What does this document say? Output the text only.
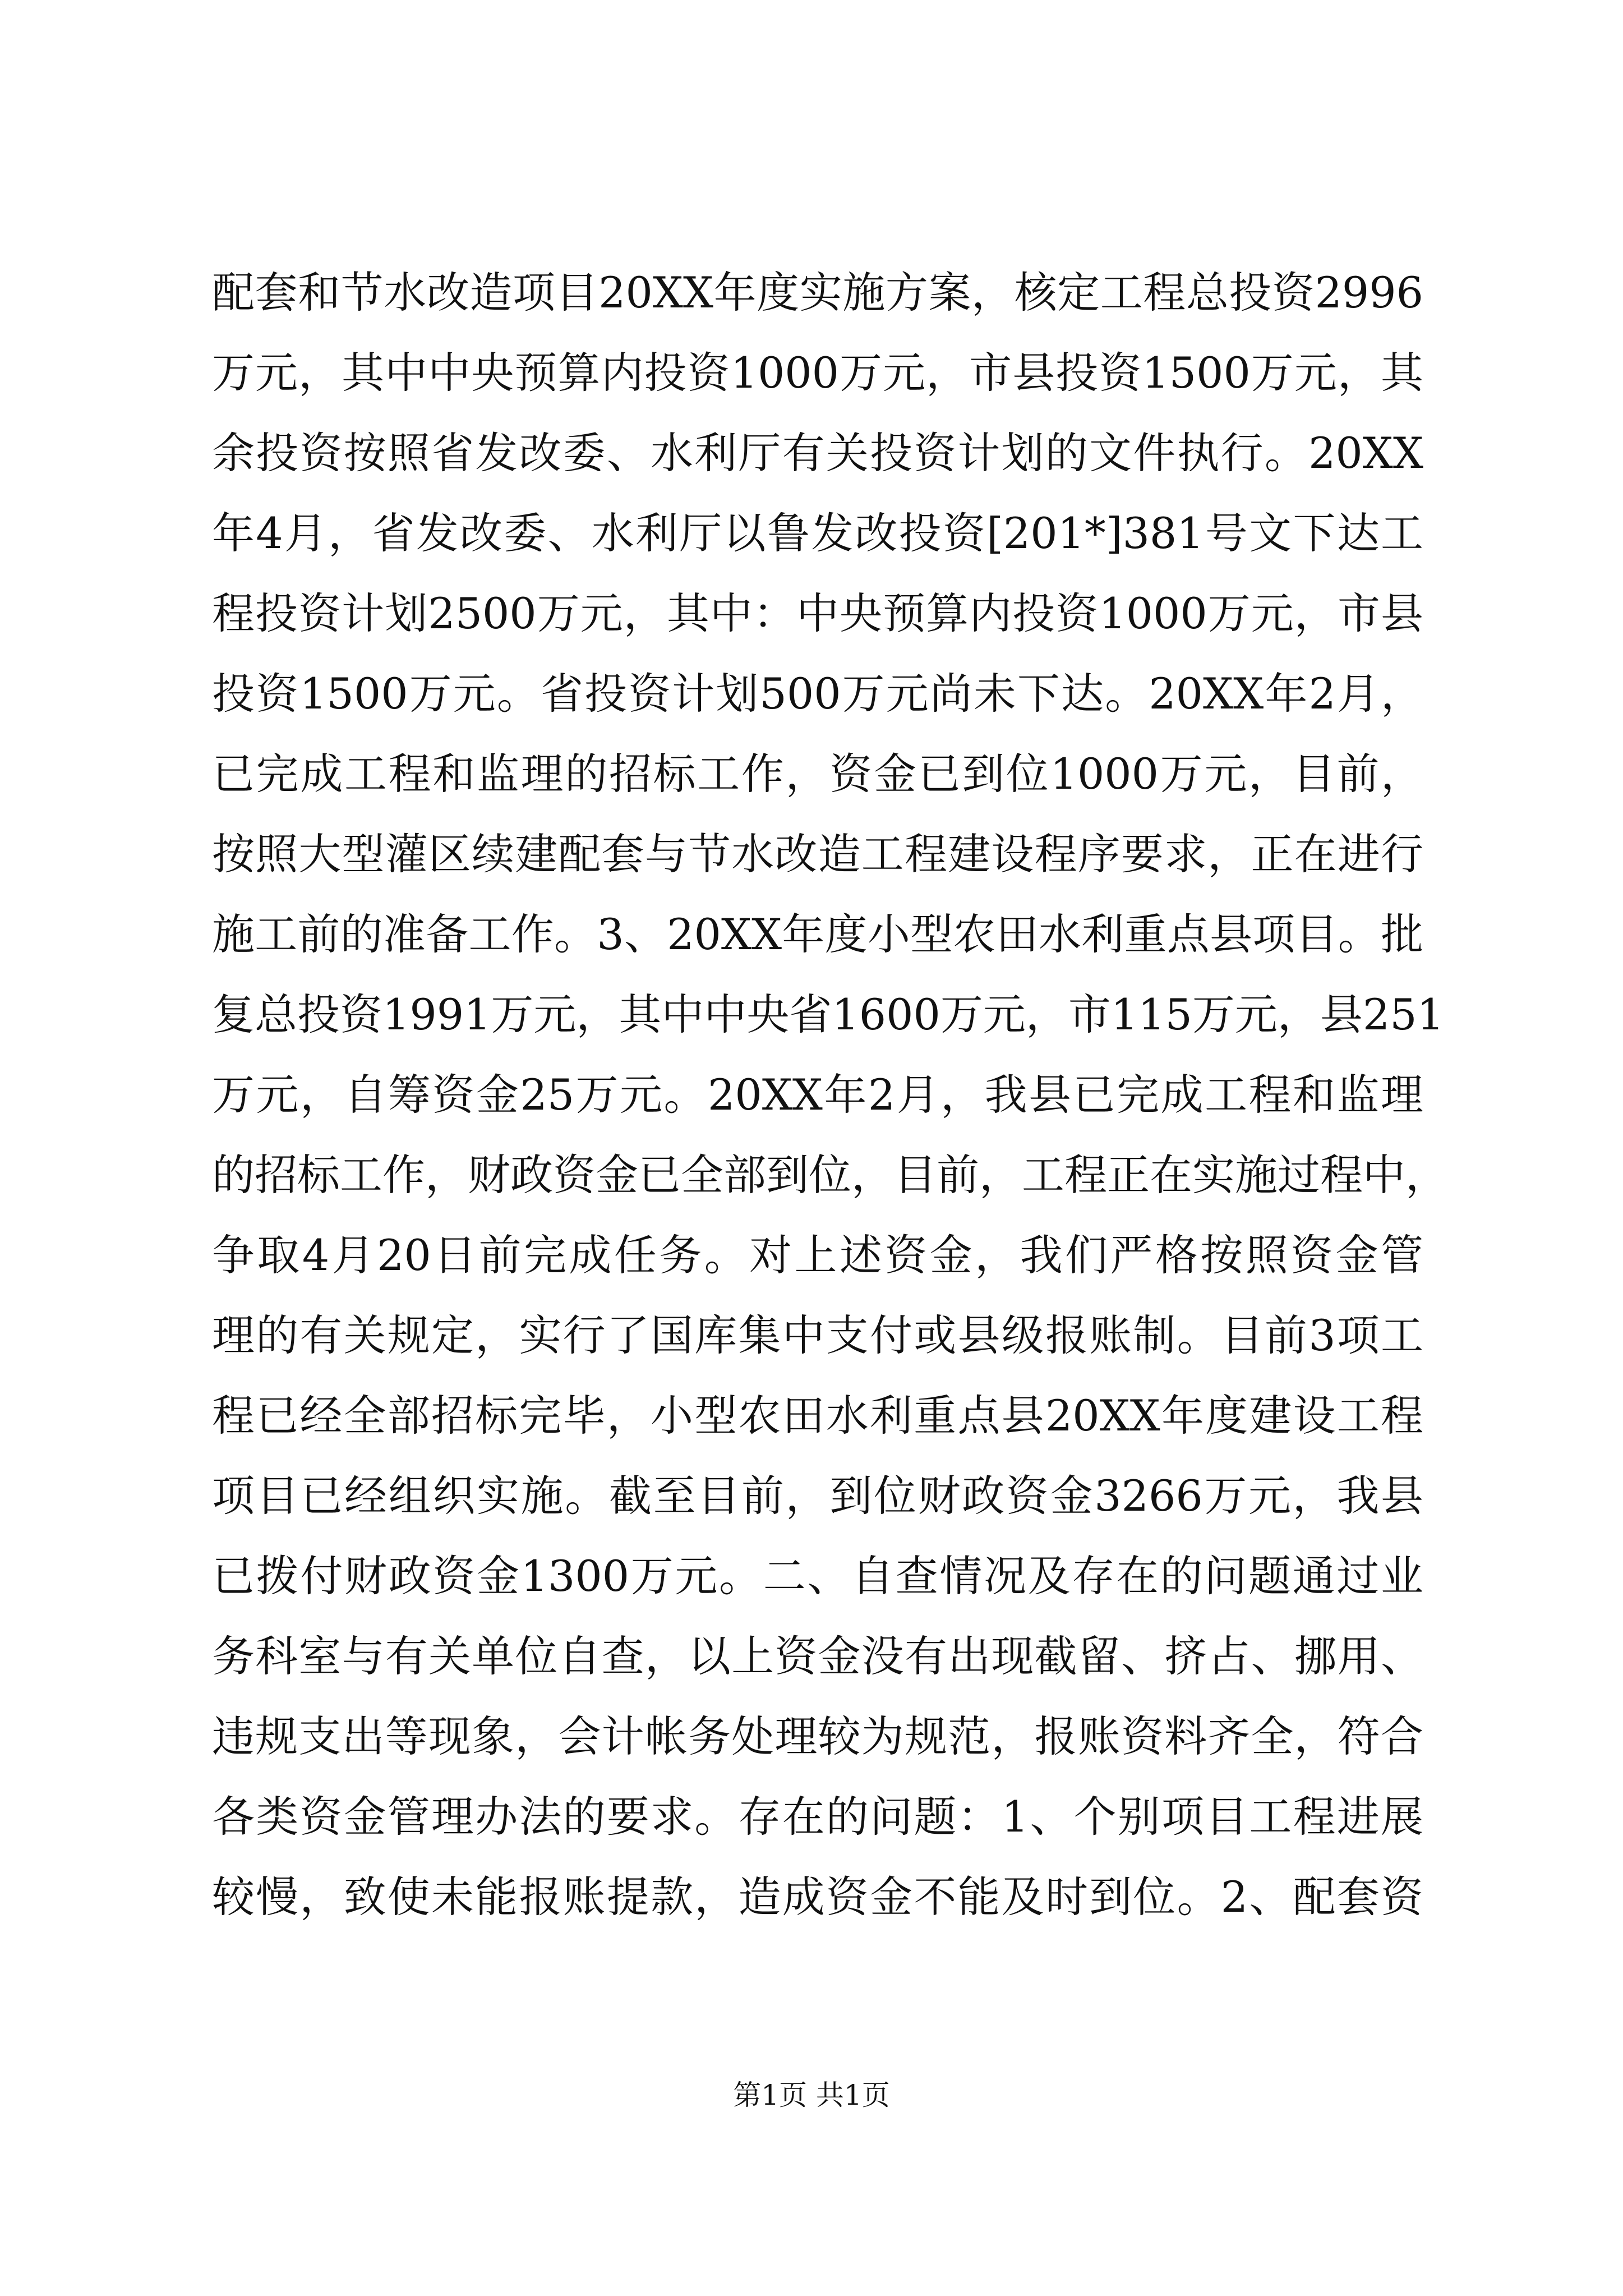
配套和节水改造项目20XX年度实施方案，核定工程总投资2996
万元，其中中央预算内投资1000万元，市县投资1500万元，其
余投资按照省发改委、水利厅有关投资计划的文件执行。20XX
年4月，省发改委、水利厅以鲁发改投资[201*]381号文下达工
程投资计划2500万元，其中：中央预算内投资1000万元，市县
投资1500万元。省投资计划500万元尚未下达。20XX年2月，
已完成工程和监理的招标工作，资金已到位1000万元，目前，
按照大型灌区续建配套与节水改造工程建设程序要求，正在进行
施工前的准备工作。3、20XX年度小型农田水利重点县项目。批
复总投资1991万元，其中中央省1600万元，市115万元，县251
万元，自筹资金25万元。20XX年2月，我县已完成工程和监理
的招标工作，财政资金已全部到位，目前，工程正在实施过程中，
争取4月20日前完成任务。对上述资金，我们严格按照资金管
理的有关规定，实行了国库集中支付或县级报账制。目前3项工
程已经全部招标完毕，小型农田水利重点县20XX年度建设工程
项目已经组织实施。截至目前，到位财政资金3266万元，我县
已拨付财政资金1300万元。二、自查情况及存在的问题通过业
务科室与有关单位自查，以上资金没有出现截留、挤占、挪用、
违规支出等现象，会计帐务处理较为规范，报账资料齐全，符合
各类资金管理办法的要求。存在的问题：1、个别项目工程进展
较慢，致使未能报账提款，造成资金不能及时到位。2、配套资
第1页 共1页
